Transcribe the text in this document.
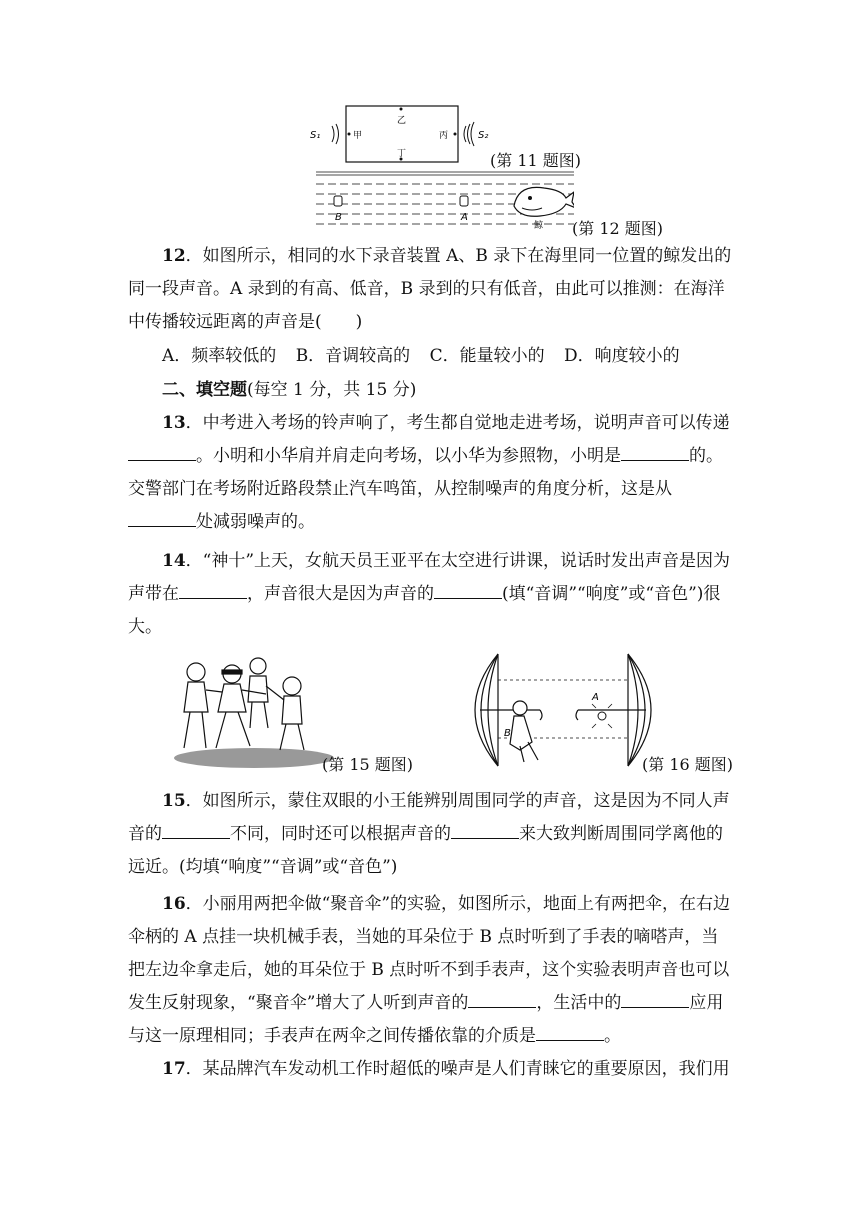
S₁	甲
乙
丁
丙	S₂
(第 11 题图)
B	A
鲸 (第 12 题图)

12．如图所示，相同的水下录音装置 A、B 录下在海里同一位置的鲸发出的同一段声音。A 录到的有高、低音，B 录到的只有低音，由此可以推测：在海洋中传播较远距离的声音是(　　)

A．频率较低的 B．音调较高的 C．能量较小的 D．响度较小的
二、填空题(每空 1 分，共 15 分)

13．中考进入考场的铃声响了，考生都自觉地走进考场，说明声音可以传递。小明和小华肩并肩走向考场，以小华为参照物，小明是	的。交警部门在考场附近路段禁止汽车鸣笛，从控制噪声的角度分析，这是从处减弱噪声的。

14．“神十”上天，女航天员王亚平在太空进行讲课，说话时发出声音是因为声带在	，声音很大是因为声音的	(填“音调”“响度”或“音色”)很大。

(第 15 题图)
A
B
(第 16 题图)

15．如图所示，蒙住双眼的小王能辨别周围同学的声音，这是因为不同人声音的	不同，同时还可以根据声音的	来大致判断周围同学离他的远近。(均填“响度”“音调”或“音色”)

16．小丽用两把伞做“聚音伞”的实验，如图所示，地面上有两把伞，在右边伞柄的 A 点挂一块机械手表，当她的耳朵位于 B 点时听到了手表的嘀嗒声，当把左边伞拿走后，她的耳朵位于 B 点时听不到手表声，这个实验表明声音也可以发生反射现象，“聚音伞”增大了人听到声音的	，生活中的	应用与这一原理相同；手表声在两伞之间传播依靠的介质是	。

17．某品牌汽车发动机工作时超低的噪声是人们青睐它的重要原因，我们用
